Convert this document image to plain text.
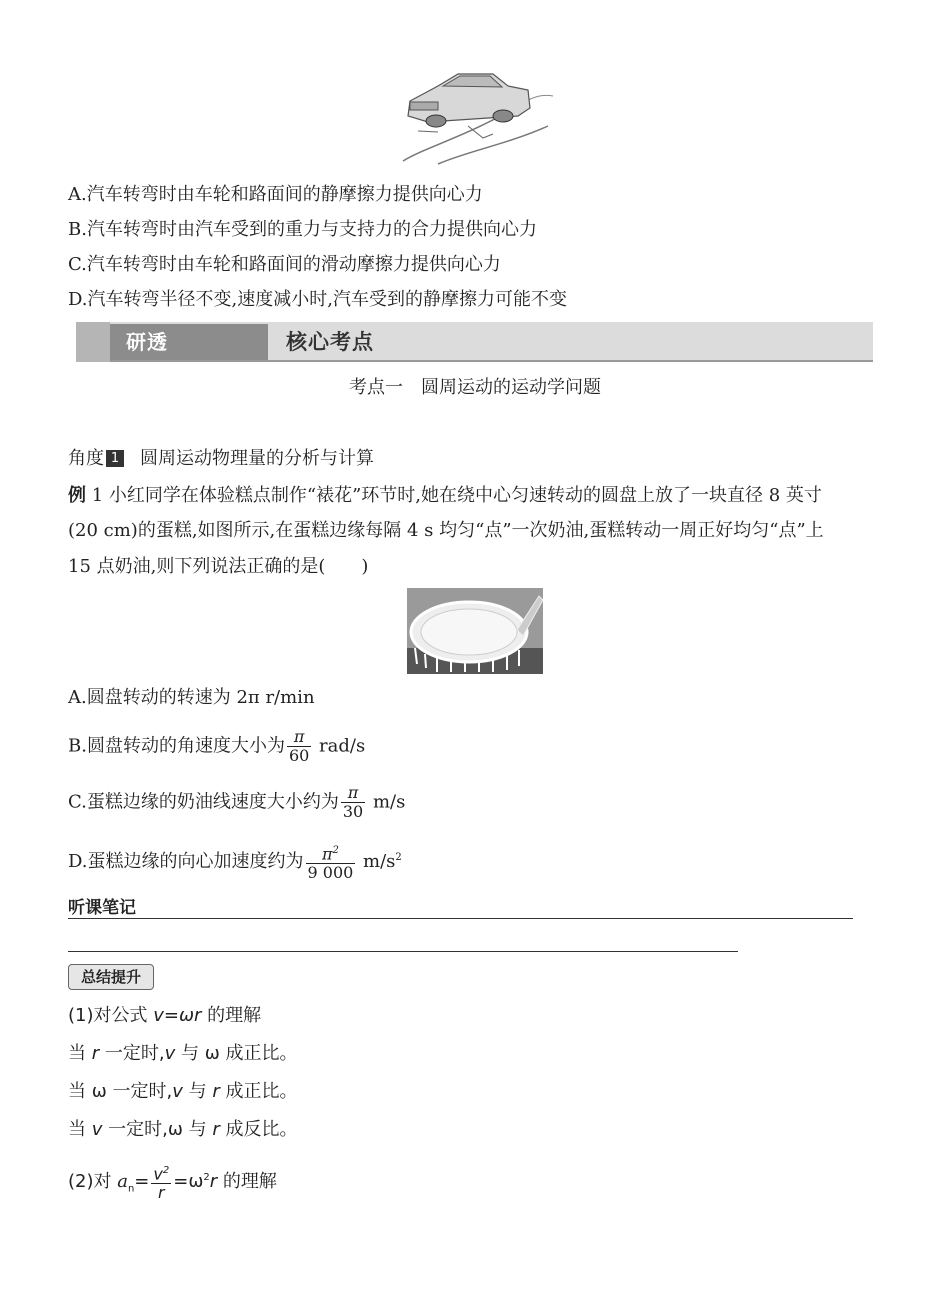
A.汽车转弯时由车轮和路面间的静摩擦力提供向心力
B.汽车转弯时由汽车受到的重力与支持力的合力提供向心力
C.汽车转弯时由车轮和路面间的滑动摩擦力提供向心力
D.汽车转弯半径不变,速度减小时,汽车受到的静摩擦力可能不变
研透	核心考点
考点一　圆周运动的运动学问题
角度 1 圆周运动物理量的分析与计算
例 1 小红同学在体验糕点制作“裱花”环节时,她在绕中心匀速转动的圆盘上放了一块直径 8 英寸
(20 cm)的蛋糕,如图所示,在蛋糕边缘每隔 4 s 均匀“点”一次奶油,蛋糕转动一周正好均匀“点”上
15 点奶油,则下列说法正确的是(　　)
A.圆盘转动的转速为 2π r/min
B.圆盘转动的角速度大小为 $\frac{\pi}{60} rad/s$
C.蛋糕边缘的奶油线速度大小约为 $\frac{\pi}{30} m/s$
D.蛋糕边缘的向心加速度约为 $\frac{\pi^2}{9 000} m/s^2$
听课笔记
总结提升
(1)对公式 v=ωr 的理解
当 r 一定时,v 与 ω 成正比。
当 ω 一定时,v 与 r 成正比。
当 v 一定时,ω 与 r 成反比。
(2)对 $a_n= \frac{v^2}{r} =\omega^2r$ 的理解
